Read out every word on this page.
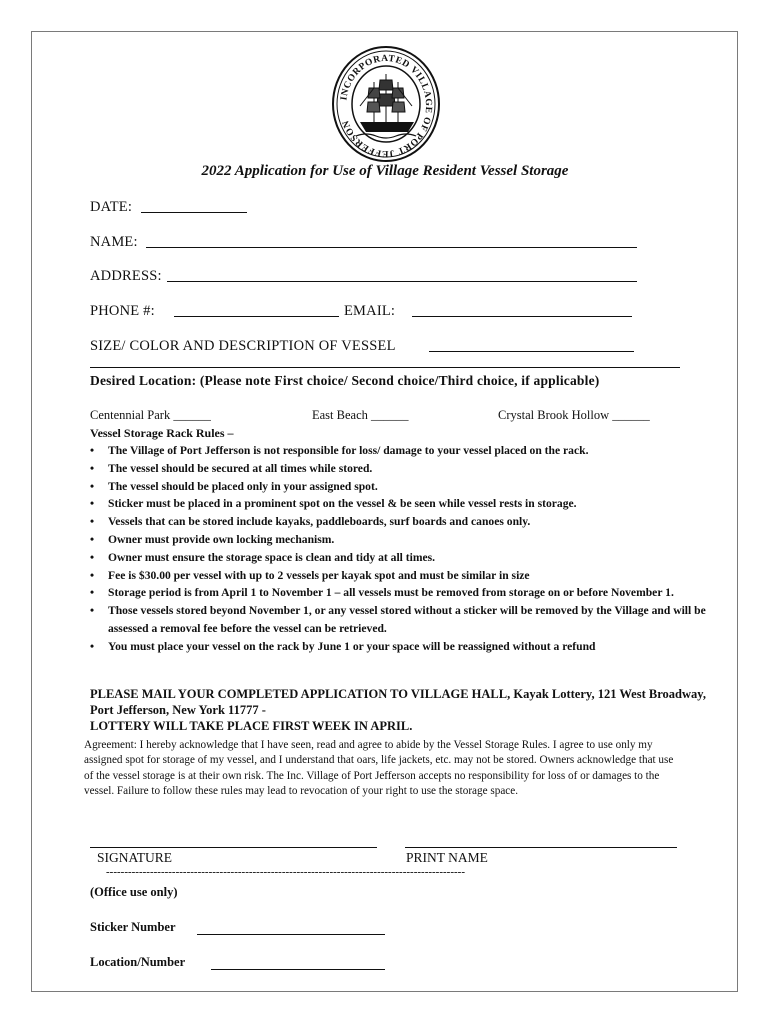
INCORPORATED VILLAGE OF PORT JEFFERSON
2022 Application for Use of Village Resident Vessel Storage
DATE:
NAME:
ADDRESS:
PHONE #:	EMAIL:
SIZE/ COLOR AND DESCRIPTION OF VESSEL
Desired Location: (Please note First choice/ Second choice/Third choice, if applicable)
Centennial Park ______	East Beach ______	Crystal Brook Hollow ______
Vessel Storage Rack Rules –
• The Village of Port Jefferson is not responsible for loss/ damage to your vessel placed on the rack.
• The vessel should be secured at all times while stored.
• The vessel should be placed only in your assigned spot.
• Sticker must be placed in a prominent spot on the vessel & be seen while vessel rests in storage.
• Vessels that can be stored include kayaks, paddleboards, surf boards and canoes only.
• Owner must provide own locking mechanism.
• Owner must ensure the storage space is clean and tidy at all times.
• Fee is $30.00 per vessel with up to 2 vessels per kayak spot and must be similar in size
• Storage period is from April 1 to November 1 – all vessels must be removed from storage on or before November 1.
• Those vessels stored beyond November 1, or any vessel stored without a sticker will be removed by the Village and will be assessed a removal fee before the vessel can be retrieved.
• You must place your vessel on the rack by June 1 or your space will be reassigned without a refund
PLEASE MAIL YOUR COMPLETED APPLICATION TO VILLAGE HALL, Kayak Lottery, 121 West Broadway, Port Jefferson, New York 11777 -
LOTTERY WILL TAKE PLACE FIRST WEEK IN APRIL.
Agreement: I hereby acknowledge that I have seen, read and agree to abide by the Vessel Storage Rules. I agree to use only my assigned spot for storage of my vessel, and I understand that oars, life jackets, etc. may not be stored. Owners acknowledge that use of the vessel storage is at their own risk. The Inc. Village of Port Jefferson accepts no responsibility for loss of or damages to the vessel. Failure to follow these rules may lead to revocation of your right to use the storage space.
SIGNATURE	PRINT NAME
--------------------------------------------------------------------------------------------------
(Office use only)
Sticker Number
Location/Number
